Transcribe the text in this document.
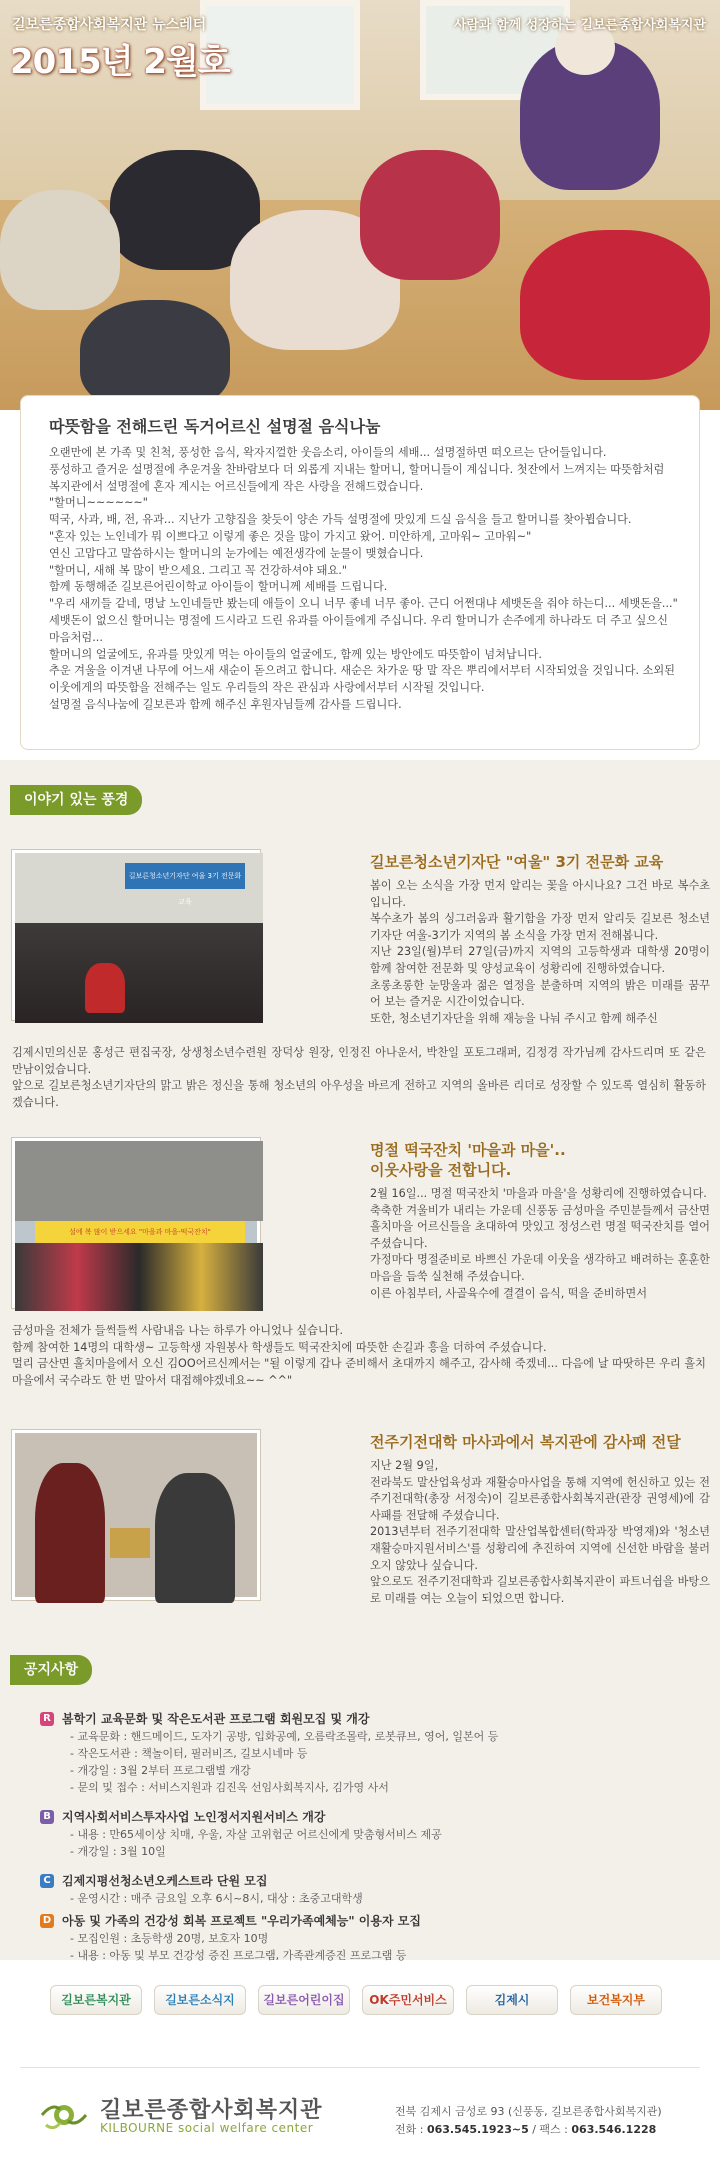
길보른종합사회복지관 뉴스레터
2015년 2월호
사람과 함께 성장하는 길보른종합사회복지관
따뜻함을 전해드린 독거어르신 설명절 음식나눔

오랜만에 본 가족 및 친척, 풍성한 음식, 왁자지껄한 웃음소리, 아이들의 세배... 설명절하면 떠오르는 단어들입니다.

풍성하고 즐거운 설명절에 추운겨울 찬바람보다 더 외롭게 지내는 할머니, 할머니들이 계십니다. 첫잔에서 느껴지는 따뜻함처럼

복지관에서 설명절에 혼자 계시는 어르신들에게 작은 사랑을 전해드렸습니다.

"할머니~~~~~~"

떡국, 사과, 배, 전, 유과... 지난가 고향집을 찾듯이 양손 가득 설명절에 맛있게 드실 음식을 들고 할머니를 찾아뵙습니다.

"혼자 있는 노인네가 뭐 이쁘다고 이렇게 좋은 것을 많이 가지고 왔어. 미안하게, 고마워~ 고마워~"

연신 고맙다고 말씀하시는 할머니의 눈가에는 예전생각에 눈물이 맺혔습니다.

"할머니, 새해 복 많이 받으세요. 그리고 꼭 건강하셔야 돼요."

함께 동행해준 길보른어린이학교 아이들이 할머니께 세배를 드립니다.

"우리 새끼들 같네, 명날 노인네들만 봤는데 애들이 오니 너무 좋네 너무 좋아. 근디 어쩐대냐 세뱃돈을 줘야 하는디... 세뱃돈을..."

세뱃돈이 없으신 할머니는 명절에 드시라고 드린 유과를 아이들에게 주십니다. 우리 할머니가 손주에게 하나라도 더 주고 싶으신

마음처럼...

할머니의 얼굴에도, 유과를 맛있게 먹는 아이들의 얼굴에도, 함께 있는 방안에도 따뜻함이 넘쳐납니다.

추운 겨울을 이겨낸 나무에 어느새 새순이 돋으려고 합니다. 새순은 차가운 땅 말 작은 뿌리에서부터 시작되었을 것입니다. 소외된

이웃에게의 따뜻함을 전해주는 일도 우리들의 작은 관심과 사랑에서부터 시작될 것입니다.

설명절 음식나눔에 길보른과 함께 해주신 후원자님들께 감사를 드립니다.

이야기 있는 풍경
길보른청소년기자단 여울 3기 전문화 교육
길보른청소년기자단 "여울" 3기 전문화 교육

봄이 오는 소식을 가장 먼저 알리는 꽃을 아시나요? 그건 바로 복수초입니다.

복수초가 봄의 싱그러움과 활기함을 가장 먼저 알리듯 길보른 청소년기자단 여울-3기가 지역의 봄 소식을 가장 먼저 전해봅니다.

지난 23일(월)부터 27일(금)까지 지역의 고등학생과 대학생 20명이 함께 참여한 전문화 및 양성교육이 성황리에 진행하였습니다.

초롱초롱한 눈망울과 젊은 열정을 분출하며 지역의 밝은 미래를 꿈꾸어 보는 즐거운 시간이었습니다.

또한, 청소년기자단을 위해 재능을 나눠 주시고 함께 해주신

김제시민의신문 홍성근 편집국장, 상생청소년수련원 장덕상 원장, 인정진 아나운서, 박찬일 포토그래퍼, 김정경 작가님께 감사드리며 또 같은 만남이었습니다.

앞으로 길보른청소년기자단의 맑고 밝은 정신을 통해 청소년의 아우성을 바르게 전하고 지역의 올바른 리더로 성장할 수 있도록 열심히 활동하겠습니다.

설에 복 많이 받으세요 "마을과 마을-떡국잔치"
명절 떡국잔치 '마을과 마을'..
이웃사랑을 전합니다.

2월 16일... 명절 떡국잔치 '마을과 마을'을 성황리에 진행하였습니다.

축축한 겨울비가 내리는 가운데 신풍동 금성마을 주민분들께서 금산면 흘치마을 어르신들을 초대하여 맛있고 정성스런 명절 떡국잔치를 열어 주셨습니다.

가정마다 명절준비로 바쁘신 가운데 이웃을 생각하고 배려하는 훈훈한 마음을 듬쑥 실천해 주셨습니다.

이른 아침부터, 사골육수에 결결이 음식, 떡을 준비하면서

금성마을 전체가 들썩들썩 사람내음 나는 하루가 아니었나 싶습니다.

함께 참여한 14명의 대학생~ 고등학생 자원봉사 학생들도 떡국잔치에 따뜻한 손길과 흥을 더하여 주셨습니다.

멀리 금산면 흘치마을에서 오신 김OO어르신께서는 "될 이렇게 갑나 준비해서 초대까지 해주고, 감사해 죽겠네... 다음에 날 따땃하믄 우리 흘치마을에서 국수라도 한 번 말아서 대접해야겠네요~~ ^^"

전주기전대학 마사과에서 복지관에 감사패 전달

지난 2월 9일,

전라북도 말산업육성과 재활승마사업을 통해 지역에 헌신하고 있는 전주기전대학(총장 서정숙)이 길보른종합사회복지관(관장 권영세)에 감사패를 전달해 주셨습니다.

2013년부터 전주기전대학 말산업복합센터(학과장 박영재)와 '청소년 재활승마지원서비스'를 성황리에 추진하여 지역에 신선한 바람을 불러오지 않았나 싶습니다.

앞으로도 전주기전대학과 길보른종합사회복지관이 파트너쉽을 바탕으로 미래를 여는 오늘이 되었으면 합니다.

공지사항
R 봄학기 교육문화 및 작은도서관 프로그램 회원모집 및 개강
- 교육문화 : 핸드메이드, 도자기 공방, 입화공예, 오름락조몰락, 로봇큐브, 영어, 일본어 등
- 작은도서관 : 책놀이터, 필러비즈, 길보시네마 등
- 개강일 : 3월 2부터 프로그램별 개강
- 문의 및 접수 : 서비스지원과 김진옥 선임사회복지사, 김가영 사서
B 지역사회서비스투자사업 노인정서지원서비스 개강
- 내용 : 만65세이상 치매, 우울, 자살 고위험군 어르신에게 맞춤형서비스 제공
- 개강일 : 3월 10일
C 김제지평선청소년오케스트라 단원 모집
- 운영시간 : 매주 금요일 오후 6시~8시, 대상 : 초중고대학생
D 아동 및 가족의 건강성 회복 프로젝트 "우리가족예체능" 이용자 모집
- 모집인원 : 초등학생 20명, 보호자 10명
- 내용 : 아동 및 부모 건강성 증진 프로그램, 가족관계증진 프로그램 등
길보른복지관	길보른소식지	길보른어린이집	OK주민서비스	김제시	보건복지부
길보른종합사회복지관
KILBOURNE social welfare center
전북 김제시 금성로 93 (신풍동, 길보른종합사회복지관)
전화 : 063.545.1923~5 / 팩스 : 063.546.1228
